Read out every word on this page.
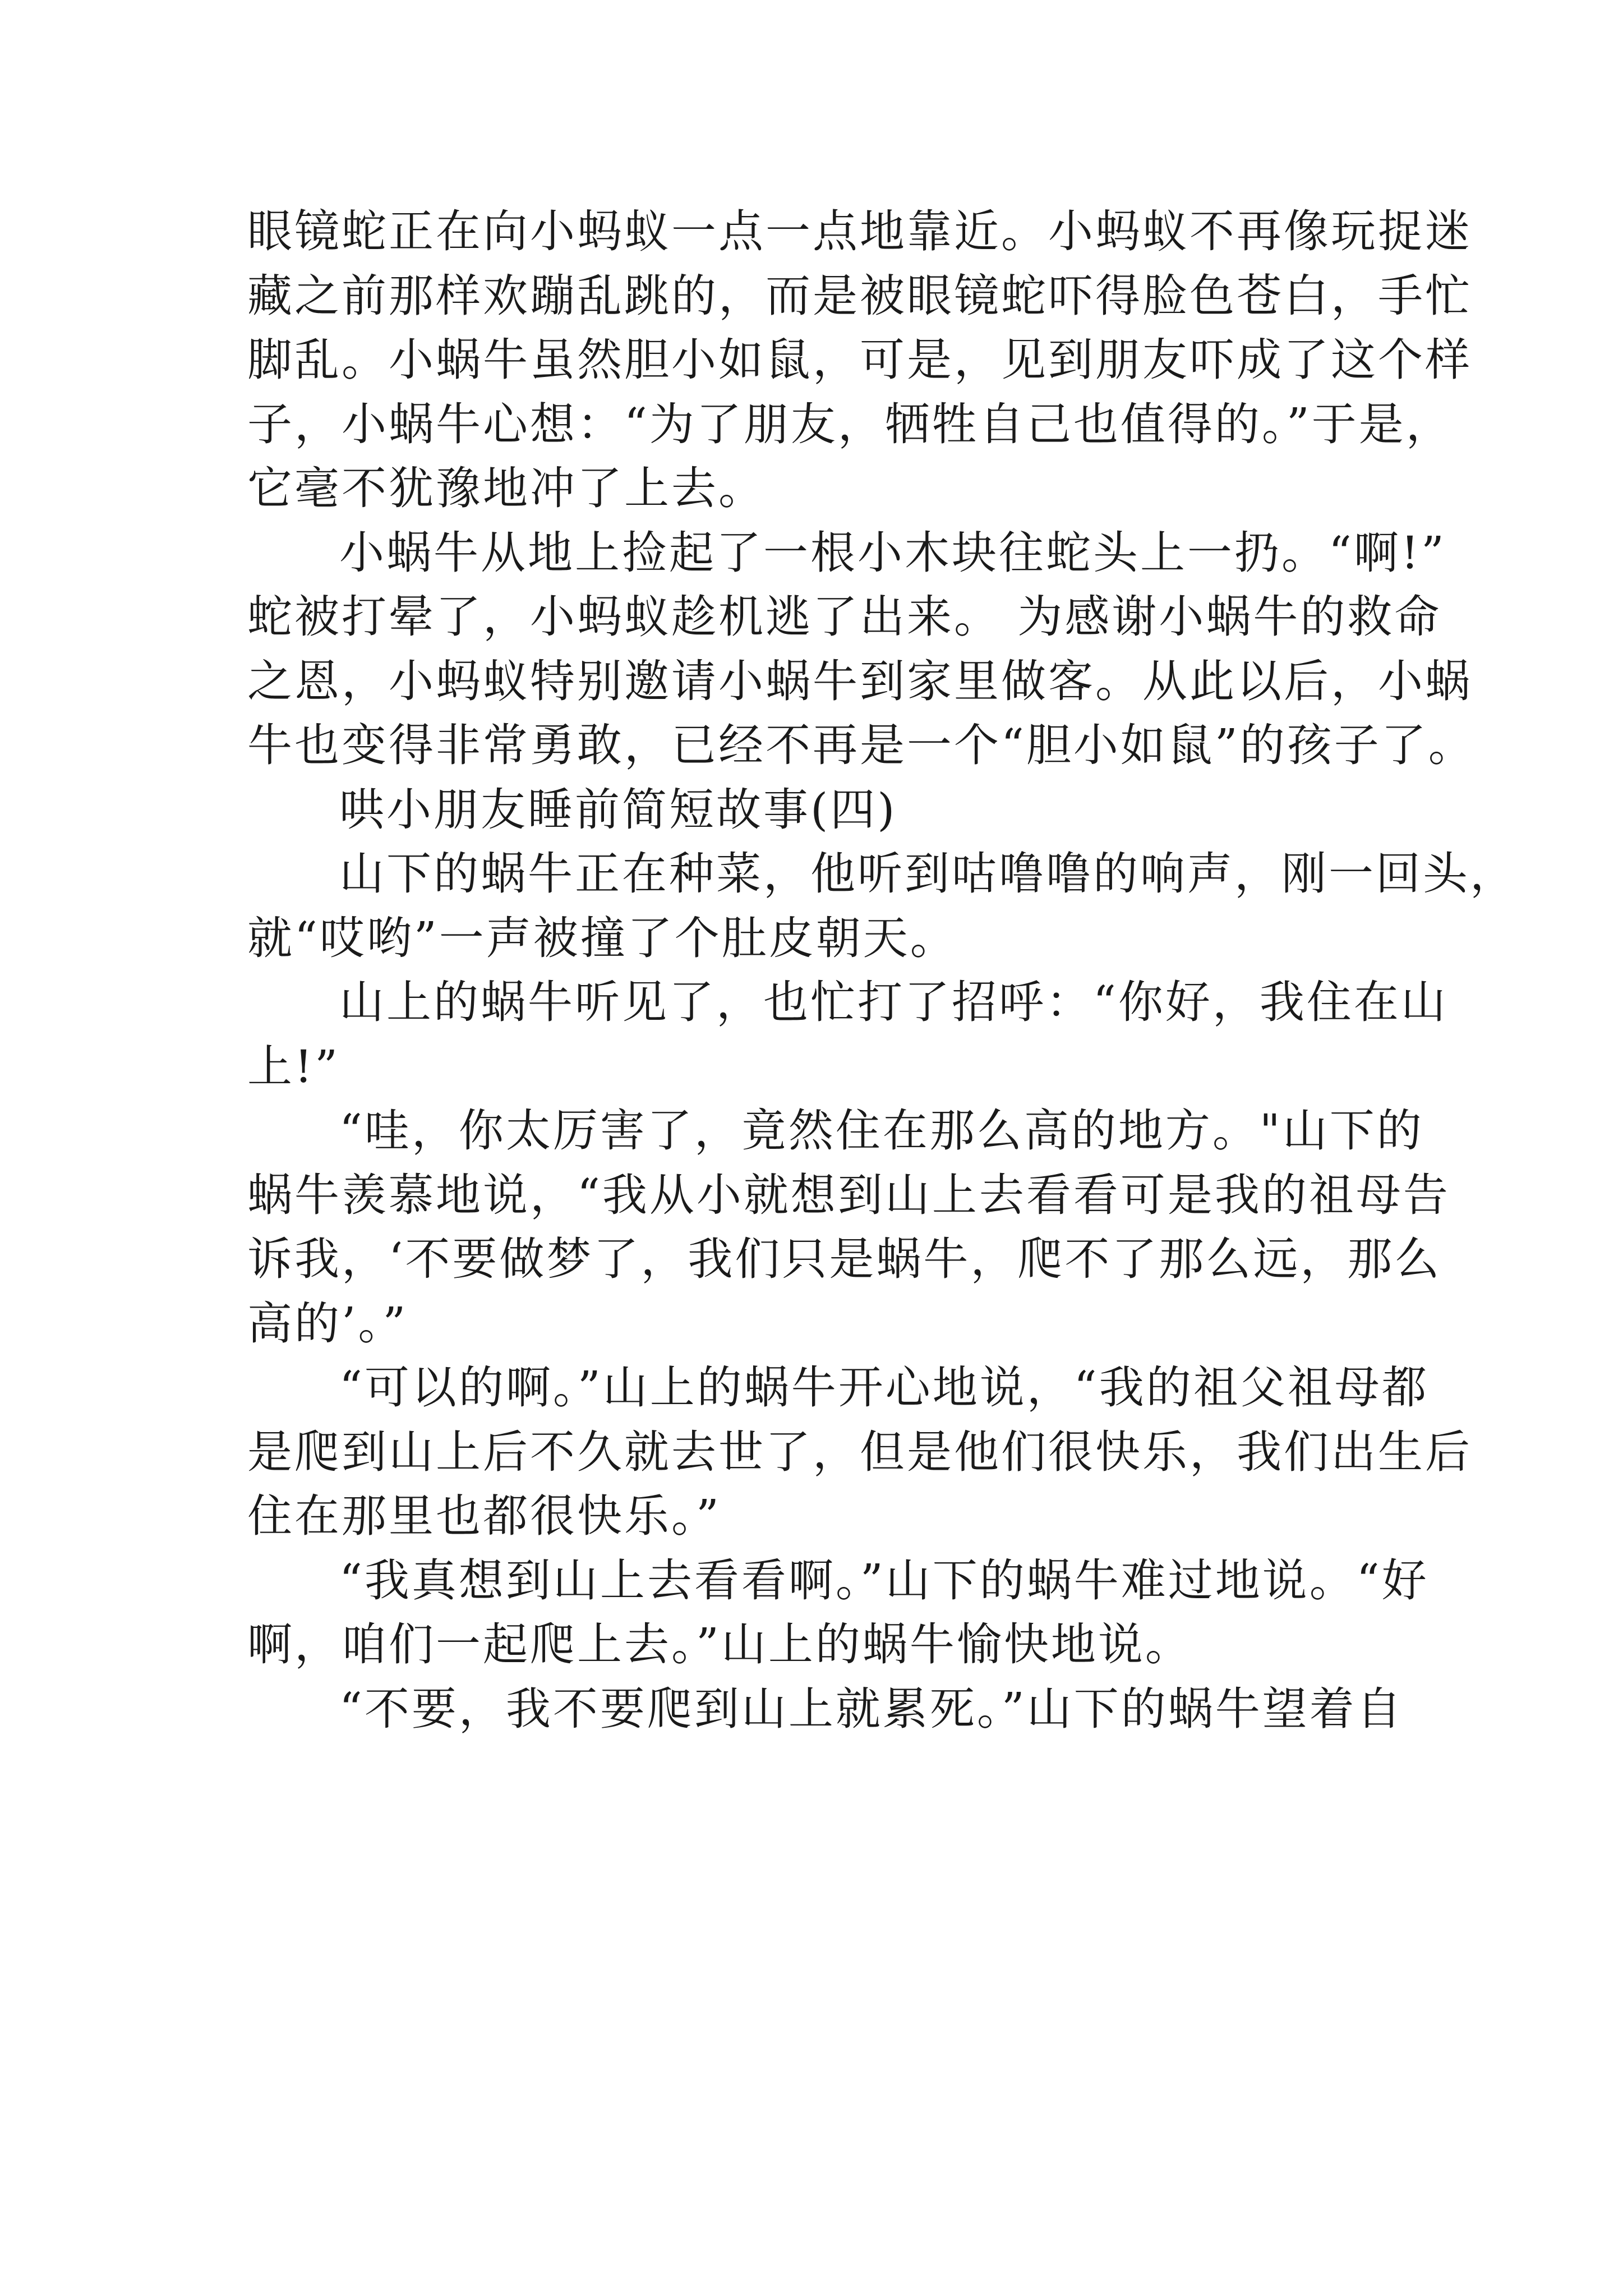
眼镜蛇正在向小蚂蚁一点一点地靠近。小蚂蚁不再像玩捉迷
藏之前那样欢蹦乱跳的，而是被眼镜蛇吓得脸色苍白，手忙
脚乱。小蜗牛虽然胆小如鼠，可是，见到朋友吓成了这个样
子，小蜗牛心想：“为了朋友，牺牲自己也值得的。”于是，
它毫不犹豫地冲了上去。
小蜗牛从地上捡起了一根小木块往蛇头上一扔。“啊!”
蛇被打晕了，小蚂蚁趁机逃了出来。 为感谢小蜗牛的救命
之恩，小蚂蚁特别邀请小蜗牛到家里做客。从此以后，小蜗
牛也变得非常勇敢，已经不再是一个“胆小如鼠”的孩子了。
哄小朋友睡前简短故事(四)
山下的蜗牛正在种菜，他听到咕噜噜的响声，刚一回头，
就“哎哟”一声被撞了个肚皮朝天。
山上的蜗牛听见了，也忙打了招呼：“你好，我住在山
上!”
“哇，你太厉害了，竟然住在那么高的地方。"山下的
蜗牛羡慕地说，“我从小就想到山上去看看可是我的祖母告
诉我，‘不要做梦了，我们只是蜗牛，爬不了那么远，那么
高的’。”
“可以的啊。”山上的蜗牛开心地说，“我的祖父祖母都
是爬到山上后不久就去世了，但是他们很快乐，我们出生后
住在那里也都很快乐。”
“我真想到山上去看看啊。”山下的蜗牛难过地说。“好
啊，咱们一起爬上去。”山上的蜗牛愉快地说。
“不要，我不要爬到山上就累死。”山下的蜗牛望着自
